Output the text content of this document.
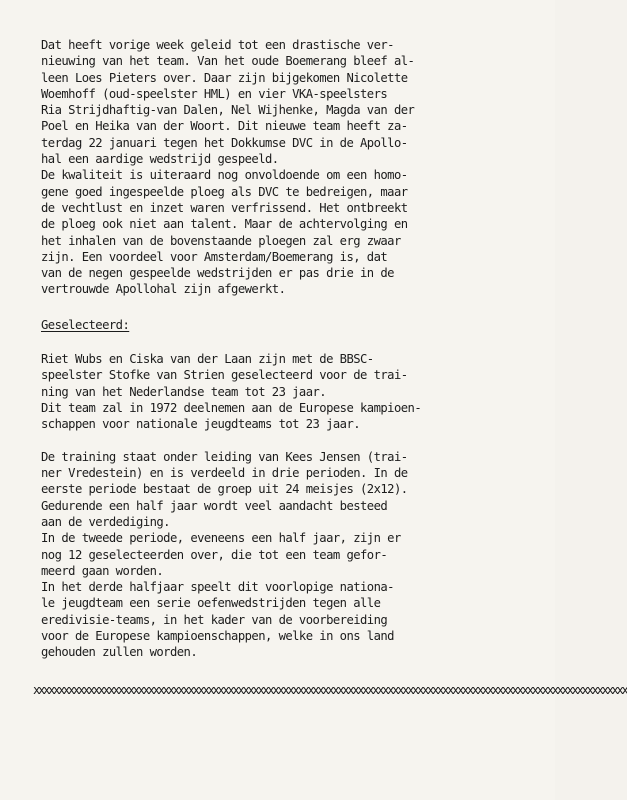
Dat heeft vorige week geleid tot een drastische ver-
nieuwing van het team. Van het oude Boemerang bleef al-
leen Loes Pieters over. Daar zijn bijgekomen Nicolette
Woemhoff (oud-speelster HML) en vier VKA-speelsters
Ria Strijdhaftig-van Dalen, Nel Wijhenke, Magda van der
Poel en Heika van der Woort. Dit nieuwe team heeft za-
terdag 22 januari tegen het Dokkumse DVC in de Apollo-
hal een aardige wedstrijd gespeeld.
De kwaliteit is uiteraard nog onvoldoende om een homo-
gene goed ingespeelde ploeg als DVC te bedreigen, maar
de vechtlust en inzet waren verfrissend. Het ontbreekt
de ploeg ook niet aan talent. Maar de achtervolging en
het inhalen van de bovenstaande ploegen zal erg zwaar
zijn. Een voordeel voor Amsterdam/Boemerang is, dat
van de negen gespeelde wedstrijden er pas drie in de
vertrouwde Apollohal zijn afgewerkt.
Geselecteerd:
Riet Wubs en Ciska van der Laan zijn met de BBSC-
speelster Stofke van Strien geselecteerd voor de trai-
ning van het Nederlandse team tot 23 jaar.
Dit team zal in 1972 deelnemen aan de Europese kampioen-
schappen voor nationale jeugdteams tot 23 jaar.
De training staat onder leiding van Kees Jensen (trai-
ner Vredestein) en is verdeeld in drie perioden. In de
eerste periode bestaat de groep uit 24 meisjes (2x12).
Gedurende een half jaar wordt veel aandacht besteed
aan de verdediging.
In de tweede periode, eveneens een half jaar, zijn er
nog 12 geselecteerden over, die tot een team gefor-
meerd gaan worden.
In het derde halfjaar speelt dit voorlopige nationa-
le jeugdteam een serie oefenwedstrijden tegen alle
eredivisie-teams, in het kader van de voorbereiding
voor de Europese kampioenschappen, welke in ons land
gehouden zullen worden.
xxxxxxxxxxxxxxxxxxxxxxxxxxxxxxxxxxxxxxxxxxxxxxxxxxxxxxxxxxxxxxxxxxxxxxxxxxxxxxxxxxxxxxxxxxxxxxxxxxxxxxxxxxxxxxxxxxxxxxx
